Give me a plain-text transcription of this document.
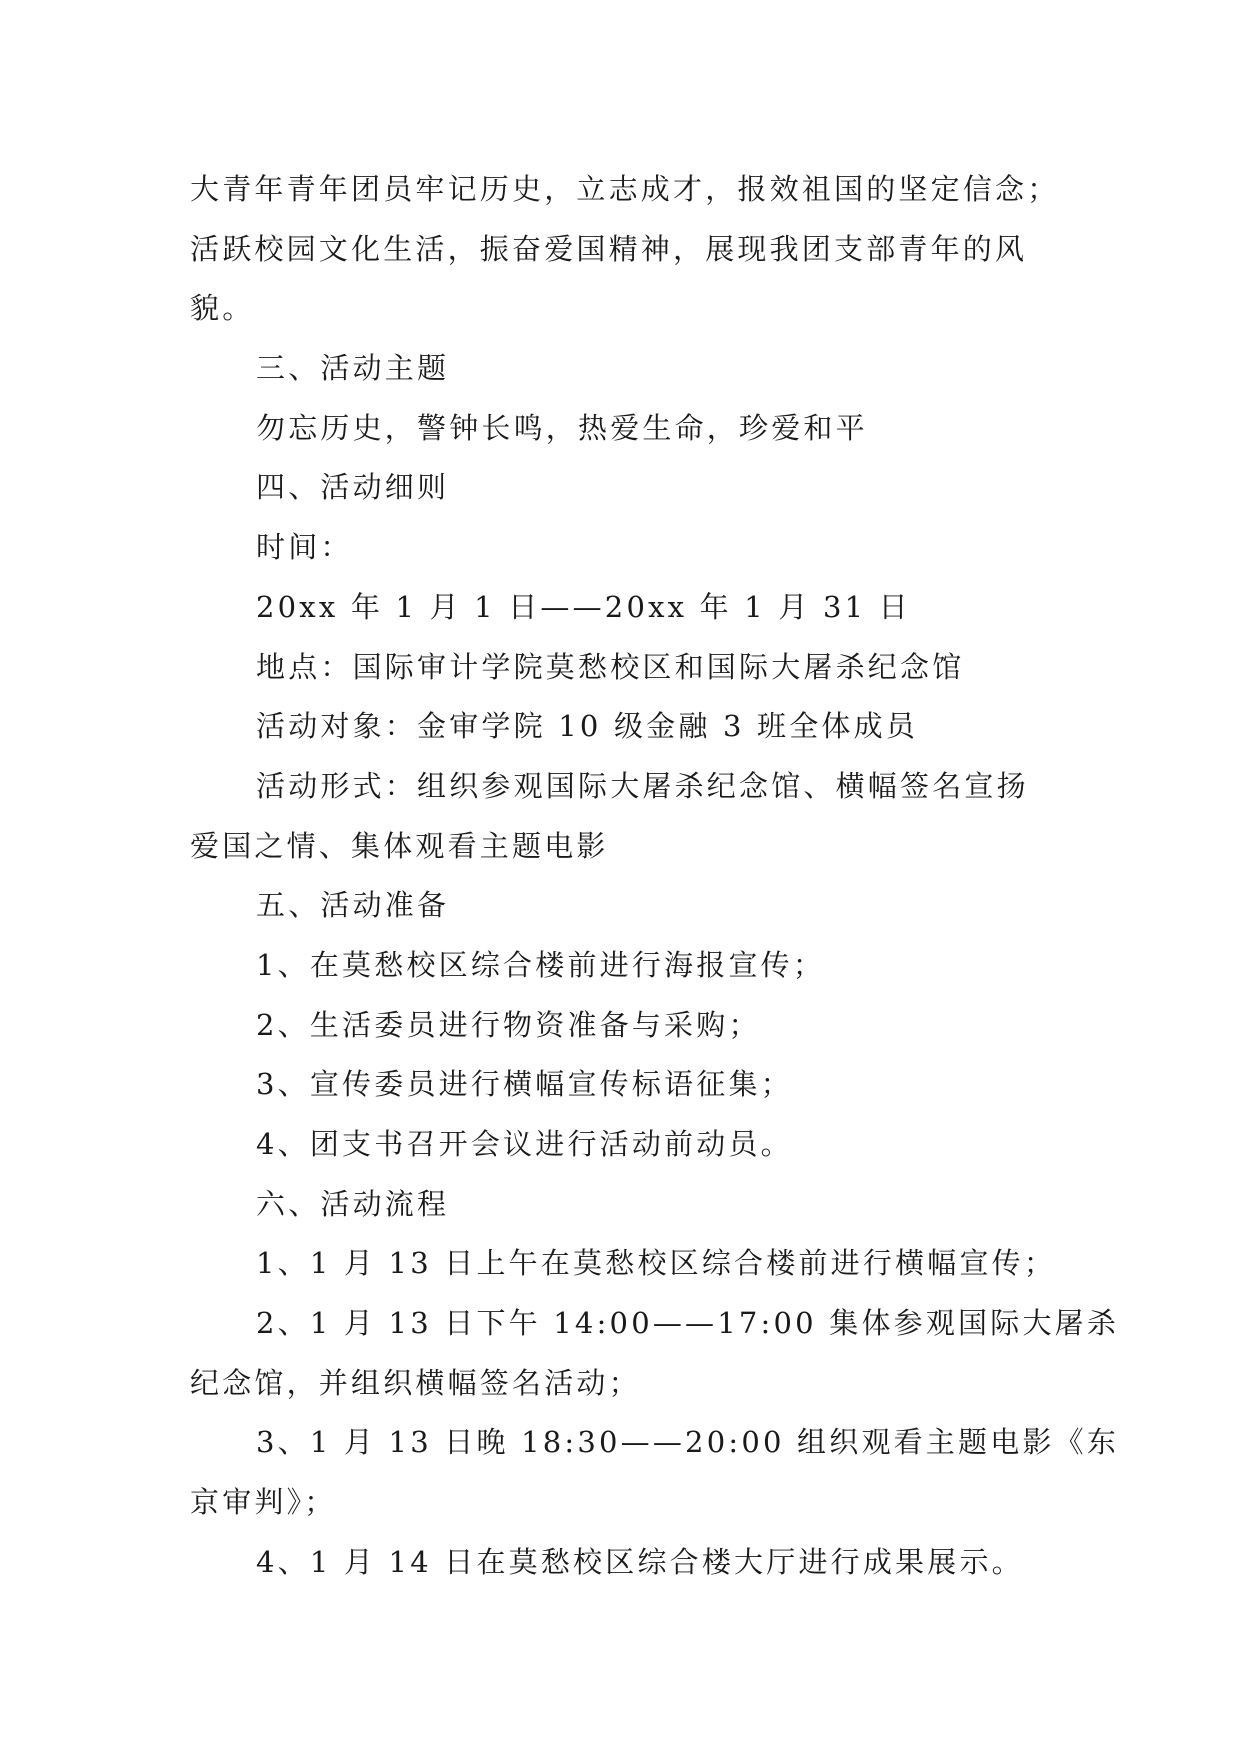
大青年青年团员牢记历史，立志成才，报效祖国的坚定信念；
活跃校园文化生活，振奋爱国精神，展现我团支部青年的风
貌。
三、活动主题
勿忘历史，警钟长鸣，热爱生命，珍爱和平
四、活动细则
时间：
20xx 年 1 月 1 日——20xx 年 1 月 31 日
地点：国际审计学院莫愁校区和国际大屠杀纪念馆
活动对象：金审学院 10 级金融 3 班全体成员
活动形式：组织参观国际大屠杀纪念馆、横幅签名宣扬
爱国之情、集体观看主题电影
五、活动准备
1、在莫愁校区综合楼前进行海报宣传；
2、生活委员进行物资准备与采购；
3、宣传委员进行横幅宣传标语征集；
4、团支书召开会议进行活动前动员。
六、活动流程
1、1 月 13 日上午在莫愁校区综合楼前进行横幅宣传；
2、1 月 13 日下午 14:00——17:00 集体参观国际大屠杀
纪念馆，并组织横幅签名活动；
3、1 月 13 日晚 18:30——20:00 组织观看主题电影《东
京审判》；
4、1 月 14 日在莫愁校区综合楼大厅进行成果展示。
